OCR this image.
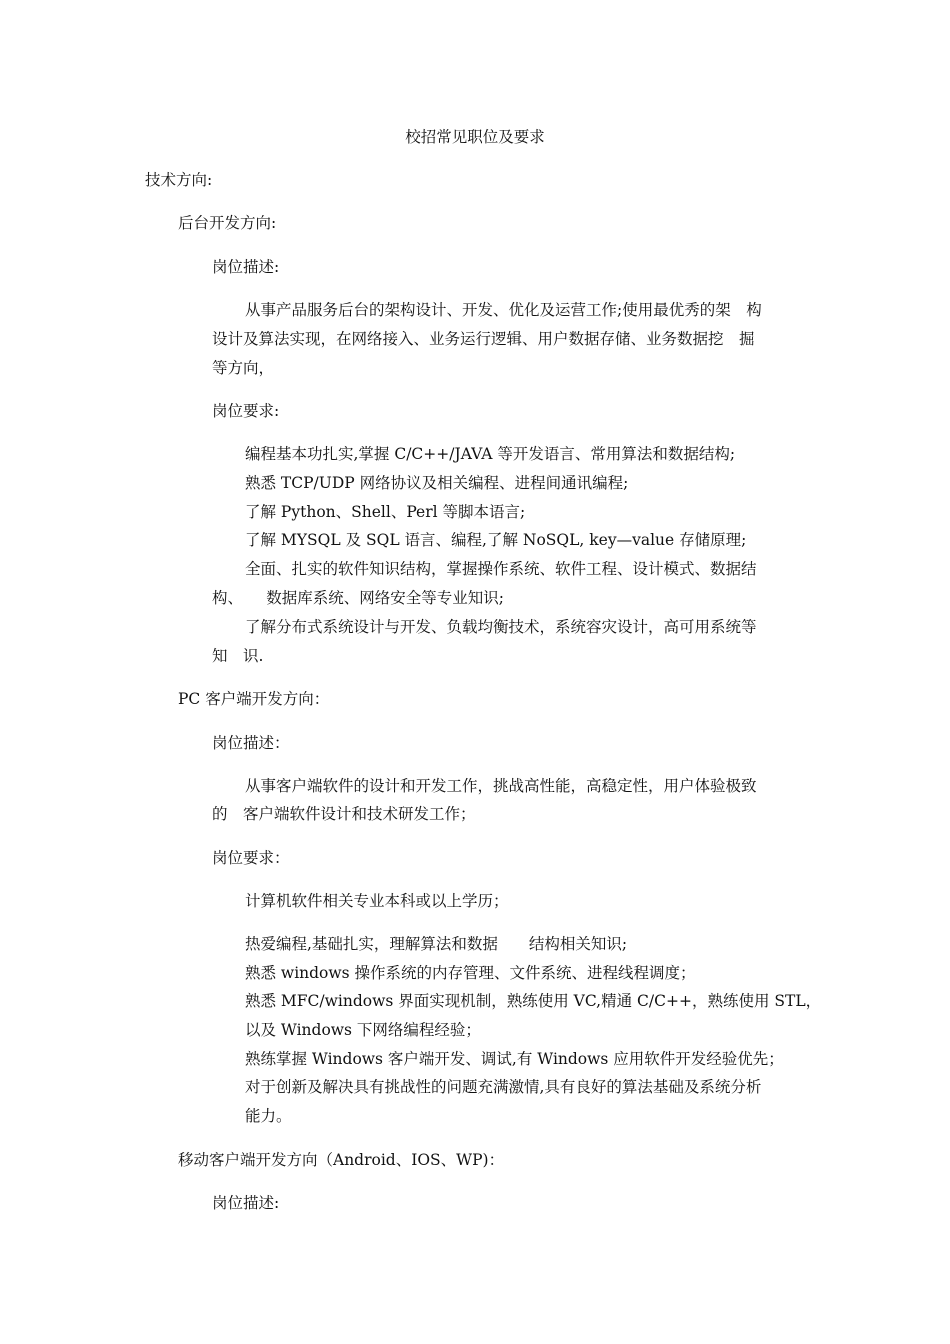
校招常见职位及要求
技术方向:
后台开发方向:
岗位描述:
从事产品服务后台的架构设计、开发、优化及运营工作;使用最优秀的架　构
设计及算法实现，在网络接入、业务运行逻辑、用户数据存储、业务数据挖　掘
等方向，
岗位要求:
编程基本功扎实,掌握 C/C++/JAVA 等开发语言、常用算法和数据结构;
熟悉 TCP/UDP 网络协议及相关编程、进程间通讯编程;
了解 Python、Shell、Perl 等脚本语言;
了解 MYSQL 及 SQL 语言、编程,了解 NoSQL, key—value 存储原理;
全面、扎实的软件知识结构，掌握操作系统、软件工程、设计模式、数据结
构、　　数据库系统、网络安全等专业知识;
了解分布式系统设计与开发、负载均衡技术，系统容灾设计，高可用系统等
知　识.
PC 客户端开发方向：
岗位描述：
从事客户端软件的设计和开发工作，挑战高性能，高稳定性，用户体验极致
的　客户端软件设计和技术研发工作；
岗位要求：
计算机软件相关专业本科或以上学历；
热爱编程,基础扎实，理解算法和数据　　结构相关知识;
熟悉 windows 操作系统的内存管理、文件系统、进程线程调度；
熟悉 MFC/windows 界面实现机制，熟练使用 VC,精通 C/C++，熟练使用 STL，
以及 Windows 下网络编程经验；
熟练掌握 Windows 客户端开发、调试,有 Windows 应用软件开发经验优先；
对于创新及解决具有挑战性的问题充满激情,具有良好的算法基础及系统分析
能力。
移动客户端开发方向（Android、IOS、WP)：
岗位描述:
